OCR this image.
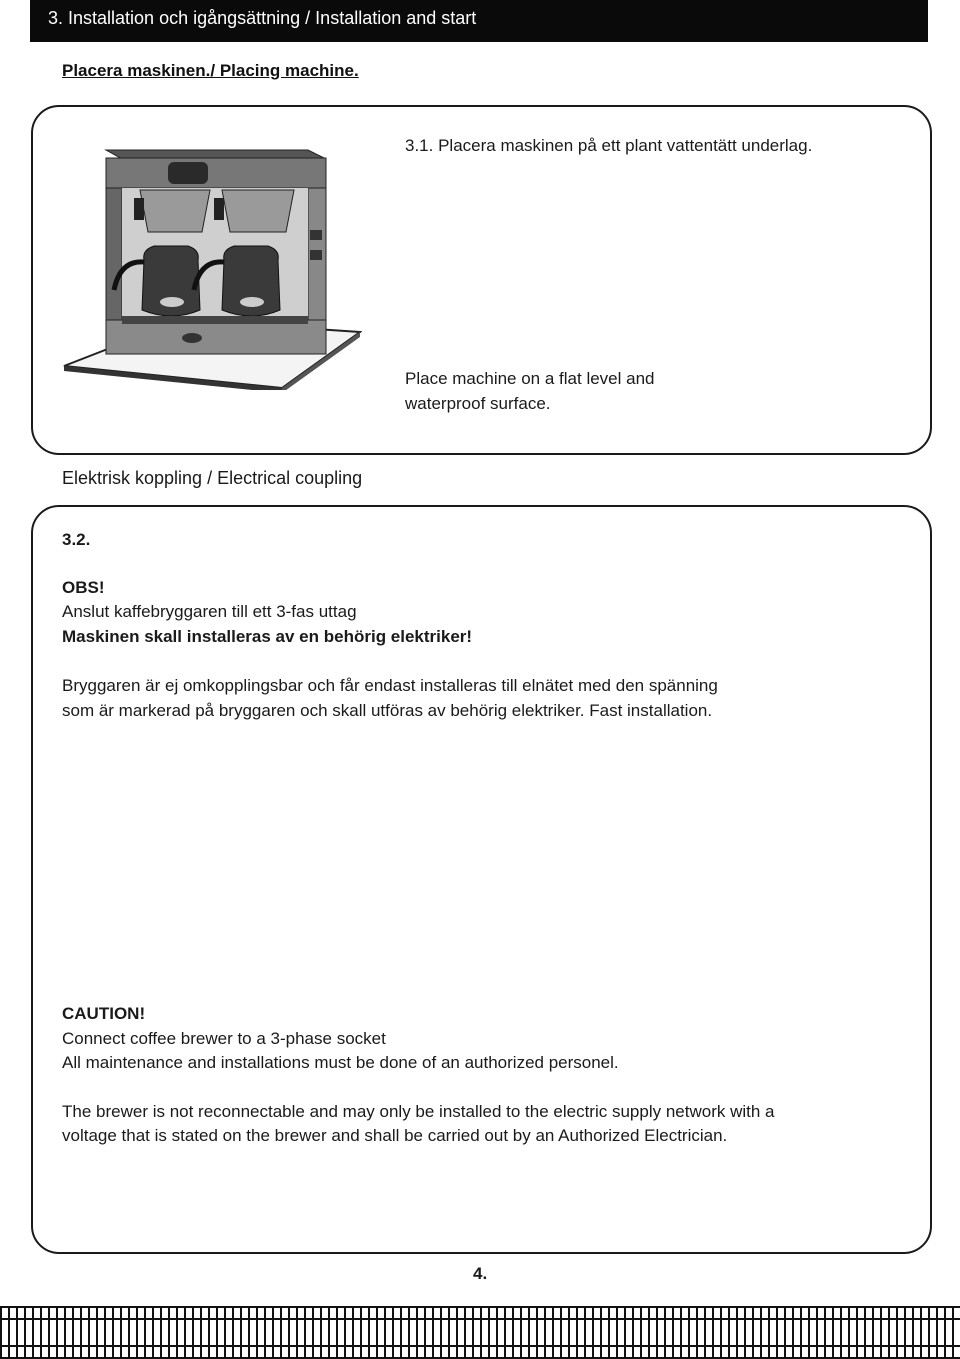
3. Installation och igångsättning / Installation and start
Placera maskinen./ Placing machine.
3.1. Placera maskinen på ett plant vattentätt underlag.
Place machine on a flat level and
waterproof surface.
Elektrisk koppling / Electrical coupling
3.2.
OBS!
Anslut kaffebryggaren till ett 3-fas uttag
Maskinen skall installeras av en behörig elektriker!
Bryggaren är ej omkopplingsbar och får endast installeras till elnätet med den spänning
som är markerad på bryggaren och skall utföras av behörig elektriker. Fast installation.
CAUTION!
Connect coffee brewer to a 3-phase socket
All maintenance and installations must be done of an authorized personel.
The brewer is not reconnectable and may only be installed to the electric supply network with a
voltage that is stated on the brewer and shall be carried out by an Authorized Electrician.
4.
